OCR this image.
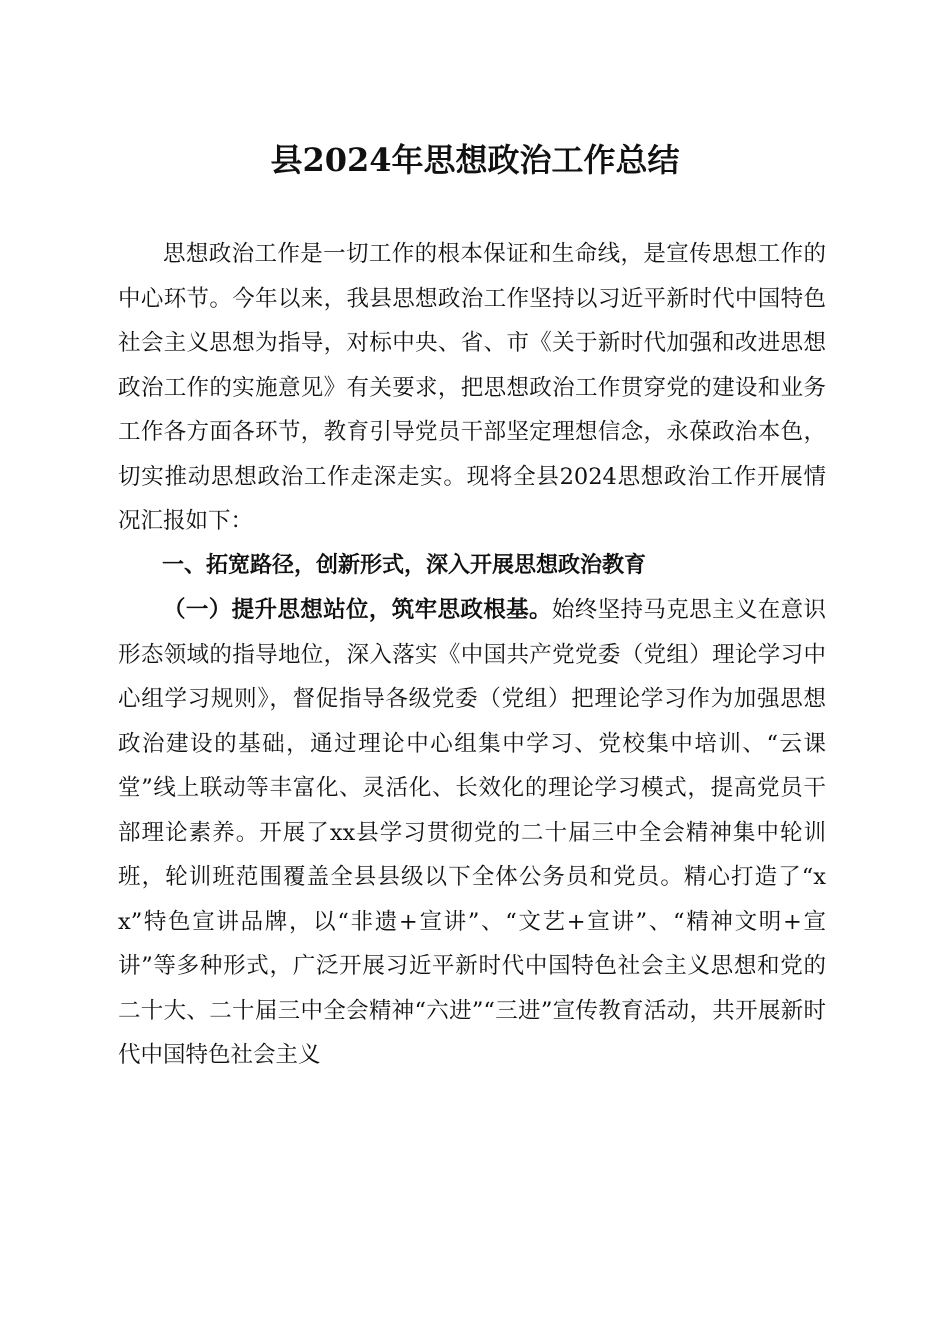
县2024年思想政治工作总结

思想政治工作是一切工作的根本保证和生命线，是宣传思想工作的中心环节。今年以来，我县思想政治工作坚持以习近平新时代中国特色社会主义思想为指导，对标中央、省、市《关于新时代加强和改进思想政治工作的实施意见》有关要求，把思想政治工作贯穿党的建设和业务工作各方面各环节，教育引导党员干部坚定理想信念，永葆政治本色，切实推动思想政治工作走深走实。现将全县2024思想政治工作开展情况汇报如下：

一、拓宽路径，创新形式，深入开展思想政治教育

（一）提升思想站位，筑牢思政根基。始终坚持马克思主义在意识形态领域的指导地位，深入落实《中国共产党党委（党组）理论学习中心组学习规则》，督促指导各级党委（党组）把理论学习作为加强思想政治建设的基础，通过理论中心组集中学习、党校集中培训、“云课堂”线上联动等丰富化、灵活化、长效化的理论学习模式，提高党员干部理论素养。开展了xx县学习贯彻党的二十届三中全会精神集中轮训班，轮训班范围覆盖全县县级以下全体公务员和党员。精心打造了“xx”特色宣讲品牌，以“非遗+宣讲”、“文艺+宣讲”、“精神文明+宣讲”等多种形式，广泛开展习近平新时代中国特色社会主义思想和党的二十大、二十届三中全会精神“六进”“三进”宣传教育活动，共开展新时代中国特色社会主义
